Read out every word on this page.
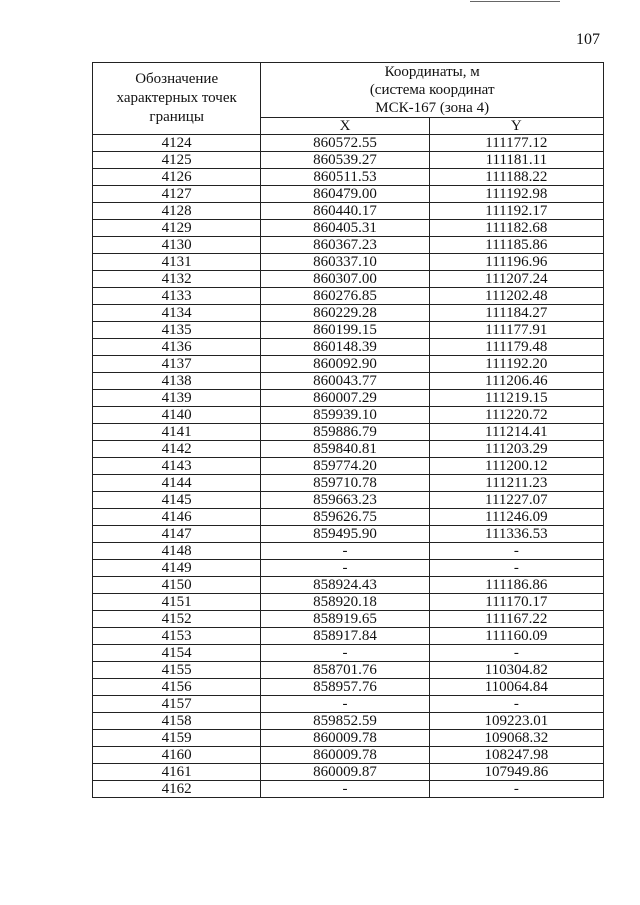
107
Обозначение характерных точек границы	Координаты, м
(система координат
МСК-167 (зона 4)	

	X	Y
4124	860572.55	111177.12
4125	860539.27	111181.11
4126	860511.53	111188.22
4127	860479.00	111192.98
4128	860440.17	111192.17
4129	860405.31	111182.68
4130	860367.23	111185.86
4131	860337.10	111196.96
4132	860307.00	111207.24
4133	860276.85	111202.48
4134	860229.28	111184.27
4135	860199.15	111177.91
4136	860148.39	111179.48
4137	860092.90	111192.20
4138	860043.77	111206.46
4139	860007.29	111219.15
4140	859939.10	111220.72
4141	859886.79	111214.41
4142	859840.81	111203.29
4143	859774.20	111200.12
4144	859710.78	111211.23
4145	859663.23	111227.07
4146	859626.75	111246.09
4147	859495.90	111336.53
4148	-	-
4149	-	-
4150	858924.43	111186.86
4151	858920.18	111170.17
4152	858919.65	111167.22
4153	858917.84	111160.09
4154	-	-
4155	858701.76	110304.82
4156	858957.76	110064.84
4157	-	-
4158	859852.59	109223.01
4159	860009.78	109068.32
4160	860009.78	108247.98
4161	860009.87	107949.86
4162	-	-
